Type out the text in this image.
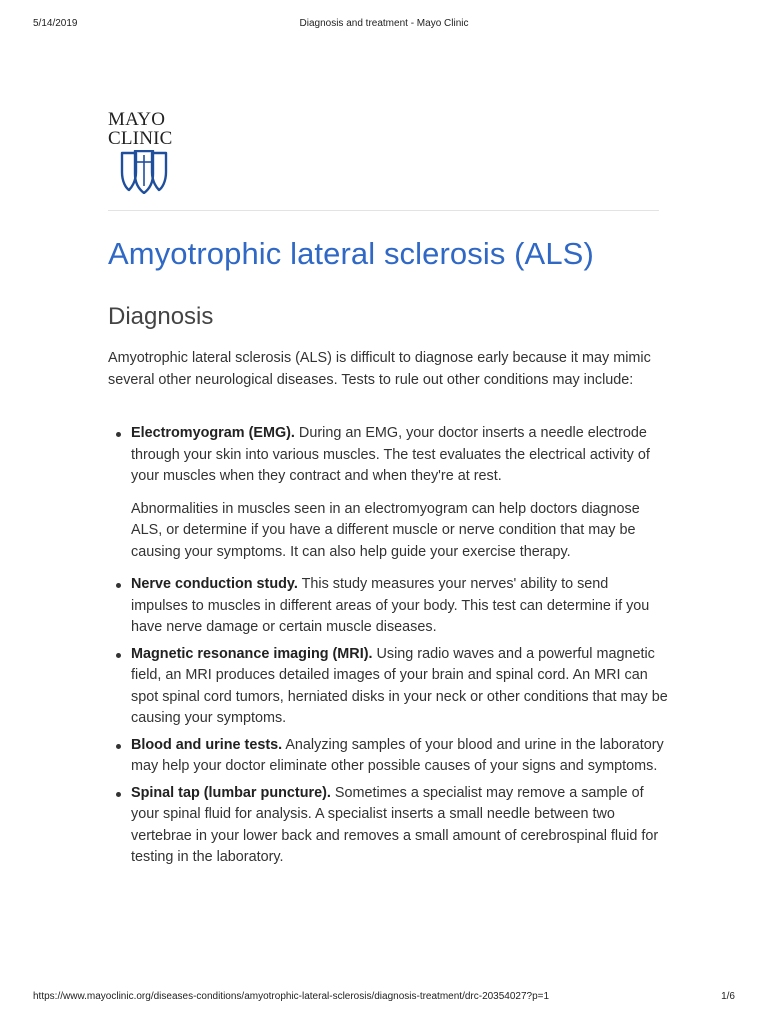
5/14/2019	Diagnosis and treatment - Mayo Clinic
MAYO
CLINIC
Amyotrophic lateral sclerosis (ALS)
Diagnosis

Amyotrophic lateral sclerosis (ALS) is difficult to diagnose early because it may mimic several other neurological diseases. Tests to rule out other conditions may include:

Electromyogram (EMG). During an EMG, your doctor inserts a needle electrode through your skin into various muscles. The test evaluates the electrical activity of your muscles when they contract and when they're at rest.

Abnormalities in muscles seen in an electromyogram can help doctors diagnose ALS, or determine if you have a different muscle or nerve condition that may be causing your symptoms. It can also help guide your exercise therapy.

Nerve conduction study. This study measures your nerves' ability to send impulses to muscles in different areas of your body. This test can determine if you have nerve damage or certain muscle diseases.

Magnetic resonance imaging (MRI). Using radio waves and a powerful magnetic field, an MRI produces detailed images of your brain and spinal cord. An MRI can spot spinal cord tumors, herniated disks in your neck or other conditions that may be causing your symptoms.

Blood and urine tests. Analyzing samples of your blood and urine in the laboratory may help your doctor eliminate other possible causes of your signs and symptoms.

Spinal tap (lumbar puncture). Sometimes a specialist may remove a sample of your spinal fluid for analysis. A specialist inserts a small needle between two vertebrae in your lower back and removes a small amount of cerebrospinal fluid for testing in the laboratory.

https://www.mayoclinic.org/diseases-conditions/amyotrophic-lateral-sclerosis/diagnosis-treatment/drc-20354027?p=1	1/6
